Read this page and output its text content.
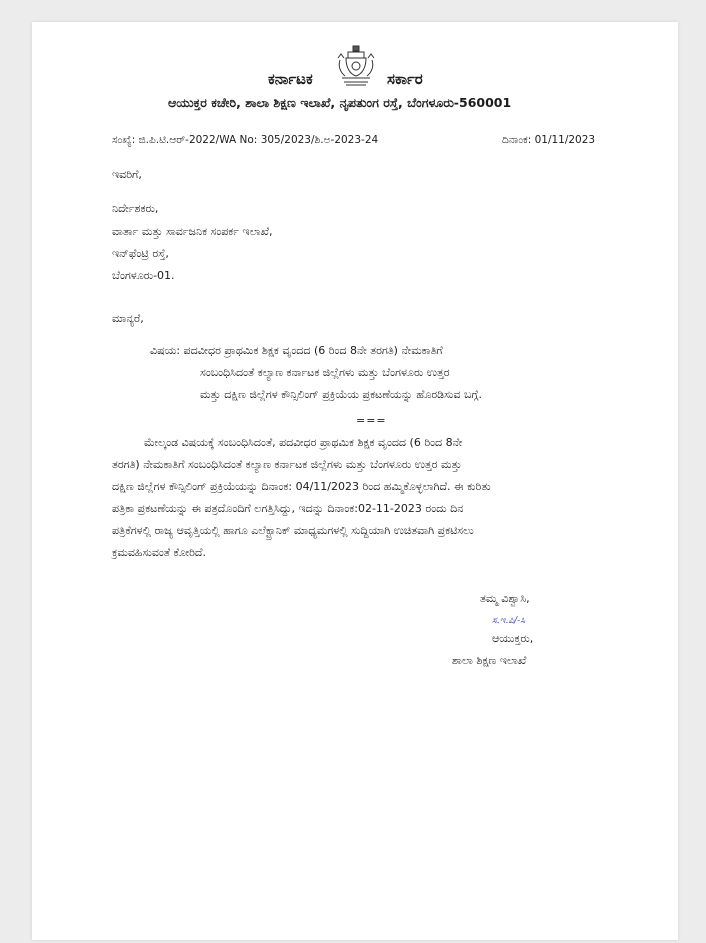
ಕರ್ನಾಟಕ	ಸರ್ಕಾರ
ಆಯುಕ್ತರ ಕಚೇರಿ, ಶಾಲಾ ಶಿಕ್ಷಣ ಇಲಾಖೆ, ನೃಪತುಂಗ ರಸ್ತೆ, ಬೆಂಗಳೂರು-560001
ಸಂಖ್ಯೆ: ಜಿ.ಪಿ.ಟಿ.ಆರ್-2022/WA No: 305/2023/ಶಿ.ಅ-2023-24	ದಿನಾಂಕ: 01/11/2023
ಇವರಿಗೆ,
ನಿರ್ದೇಶಕರು,
ವಾರ್ತಾ ಮತ್ತು ಸಾರ್ವಜನಿಕ ಸಂಪರ್ಕ ಇಲಾಖೆ,
ಇನ್‌ಫೆಂಟ್ರಿ ರಸ್ತೆ,
ಬೆಂಗಳೂರು-01.
ಮಾನ್ಯರೆ,
ವಿಷಯ: ಪದವೀಧರ ಪ್ರಾಥಮಿಕ ಶಿಕ್ಷಕ ವೃಂದದ (6 ರಿಂದ 8ನೇ ತರಗತಿ) ನೇಮಕಾತಿಗೆ
ಸಂಬಂಧಿಸಿದಂತೆ ಕಲ್ಯಾಣ ಕರ್ನಾಟಕ ಜಿಲ್ಲೆಗಳು ಮತ್ತು ಬೆಂಗಳೂರು ಉತ್ತರ
ಮತ್ತು ದಕ್ಷಿಣ ಜಿಲ್ಲೆಗಳ ಕೌನ್ಸಿಲಿಂಗ್ ಪ್ರಕ್ರಿಯೆಯ ಪ್ರಕಟಣೆಯನ್ನು ಹೊರಡಿಸುವ ಬಗ್ಗೆ.
===
ಮೇಲ್ಕಂಡ ವಿಷಯಕ್ಕೆ ಸಂಬಂಧಿಸಿದಂತೆ, ಪದವೀಧರ ಪ್ರಾಥಮಿಕ ಶಿಕ್ಷಕ ವೃಂದದ (6 ರಿಂದ 8ನೇ
ತರಗತಿ) ನೇಮಕಾತಿಗೆ ಸಂಬಂಧಿಸಿದಂತೆ ಕಲ್ಯಾಣ ಕರ್ನಾಟಕ ಜಿಲ್ಲೆಗಳು ಮತ್ತು ಬೆಂಗಳೂರು ಉತ್ತರ ಮತ್ತು
ದಕ್ಷಿಣ ಜಿಲ್ಲೆಗಳ ಕೌನ್ಸಿಲಿಂಗ್ ಪ್ರಕ್ರಿಯೆಯನ್ನು ದಿನಾಂಕ: 04/11/2023 ರಿಂದ ಹಮ್ಮಿಕೊಳ್ಳಲಾಗಿದೆ. ಈ ಕುರಿತು
ಪತ್ರಿಕಾ ಪ್ರಕಟಣೆಯನ್ನು ಈ ಪತ್ರದೊಂದಿಗೆ ಲಗತ್ತಿಸಿದ್ದು, ಇದನ್ನು ದಿನಾಂಕ:02-11-2023 ರಂದು ದಿನ
ಪತ್ರಿಕೆಗಳಲ್ಲಿ ರಾಜ್ಯ ಆವೃತ್ತಿಯಲ್ಲಿ ಹಾಗೂ ಎಲೆಕ್ಟ್ರಾನಿಕ್ ಮಾಧ್ಯಮಗಳಲ್ಲಿ ಸುದ್ದಿಯಾಗಿ ಉಚಿತವಾಗಿ ಪ್ರಕಟಿಸಲು
ಕ್ರಮವಹಿಸುವಂತೆ ಕೋರಿದೆ.
ತಮ್ಮ ವಿಶ್ವಾಸಿ,
ಸ.ಇ.ಪಿ/-ಸಿ
ಆಯುಕ್ತರು,
ಶಾಲಾ ಶಿಕ್ಷಣ ಇಲಾಖೆ
